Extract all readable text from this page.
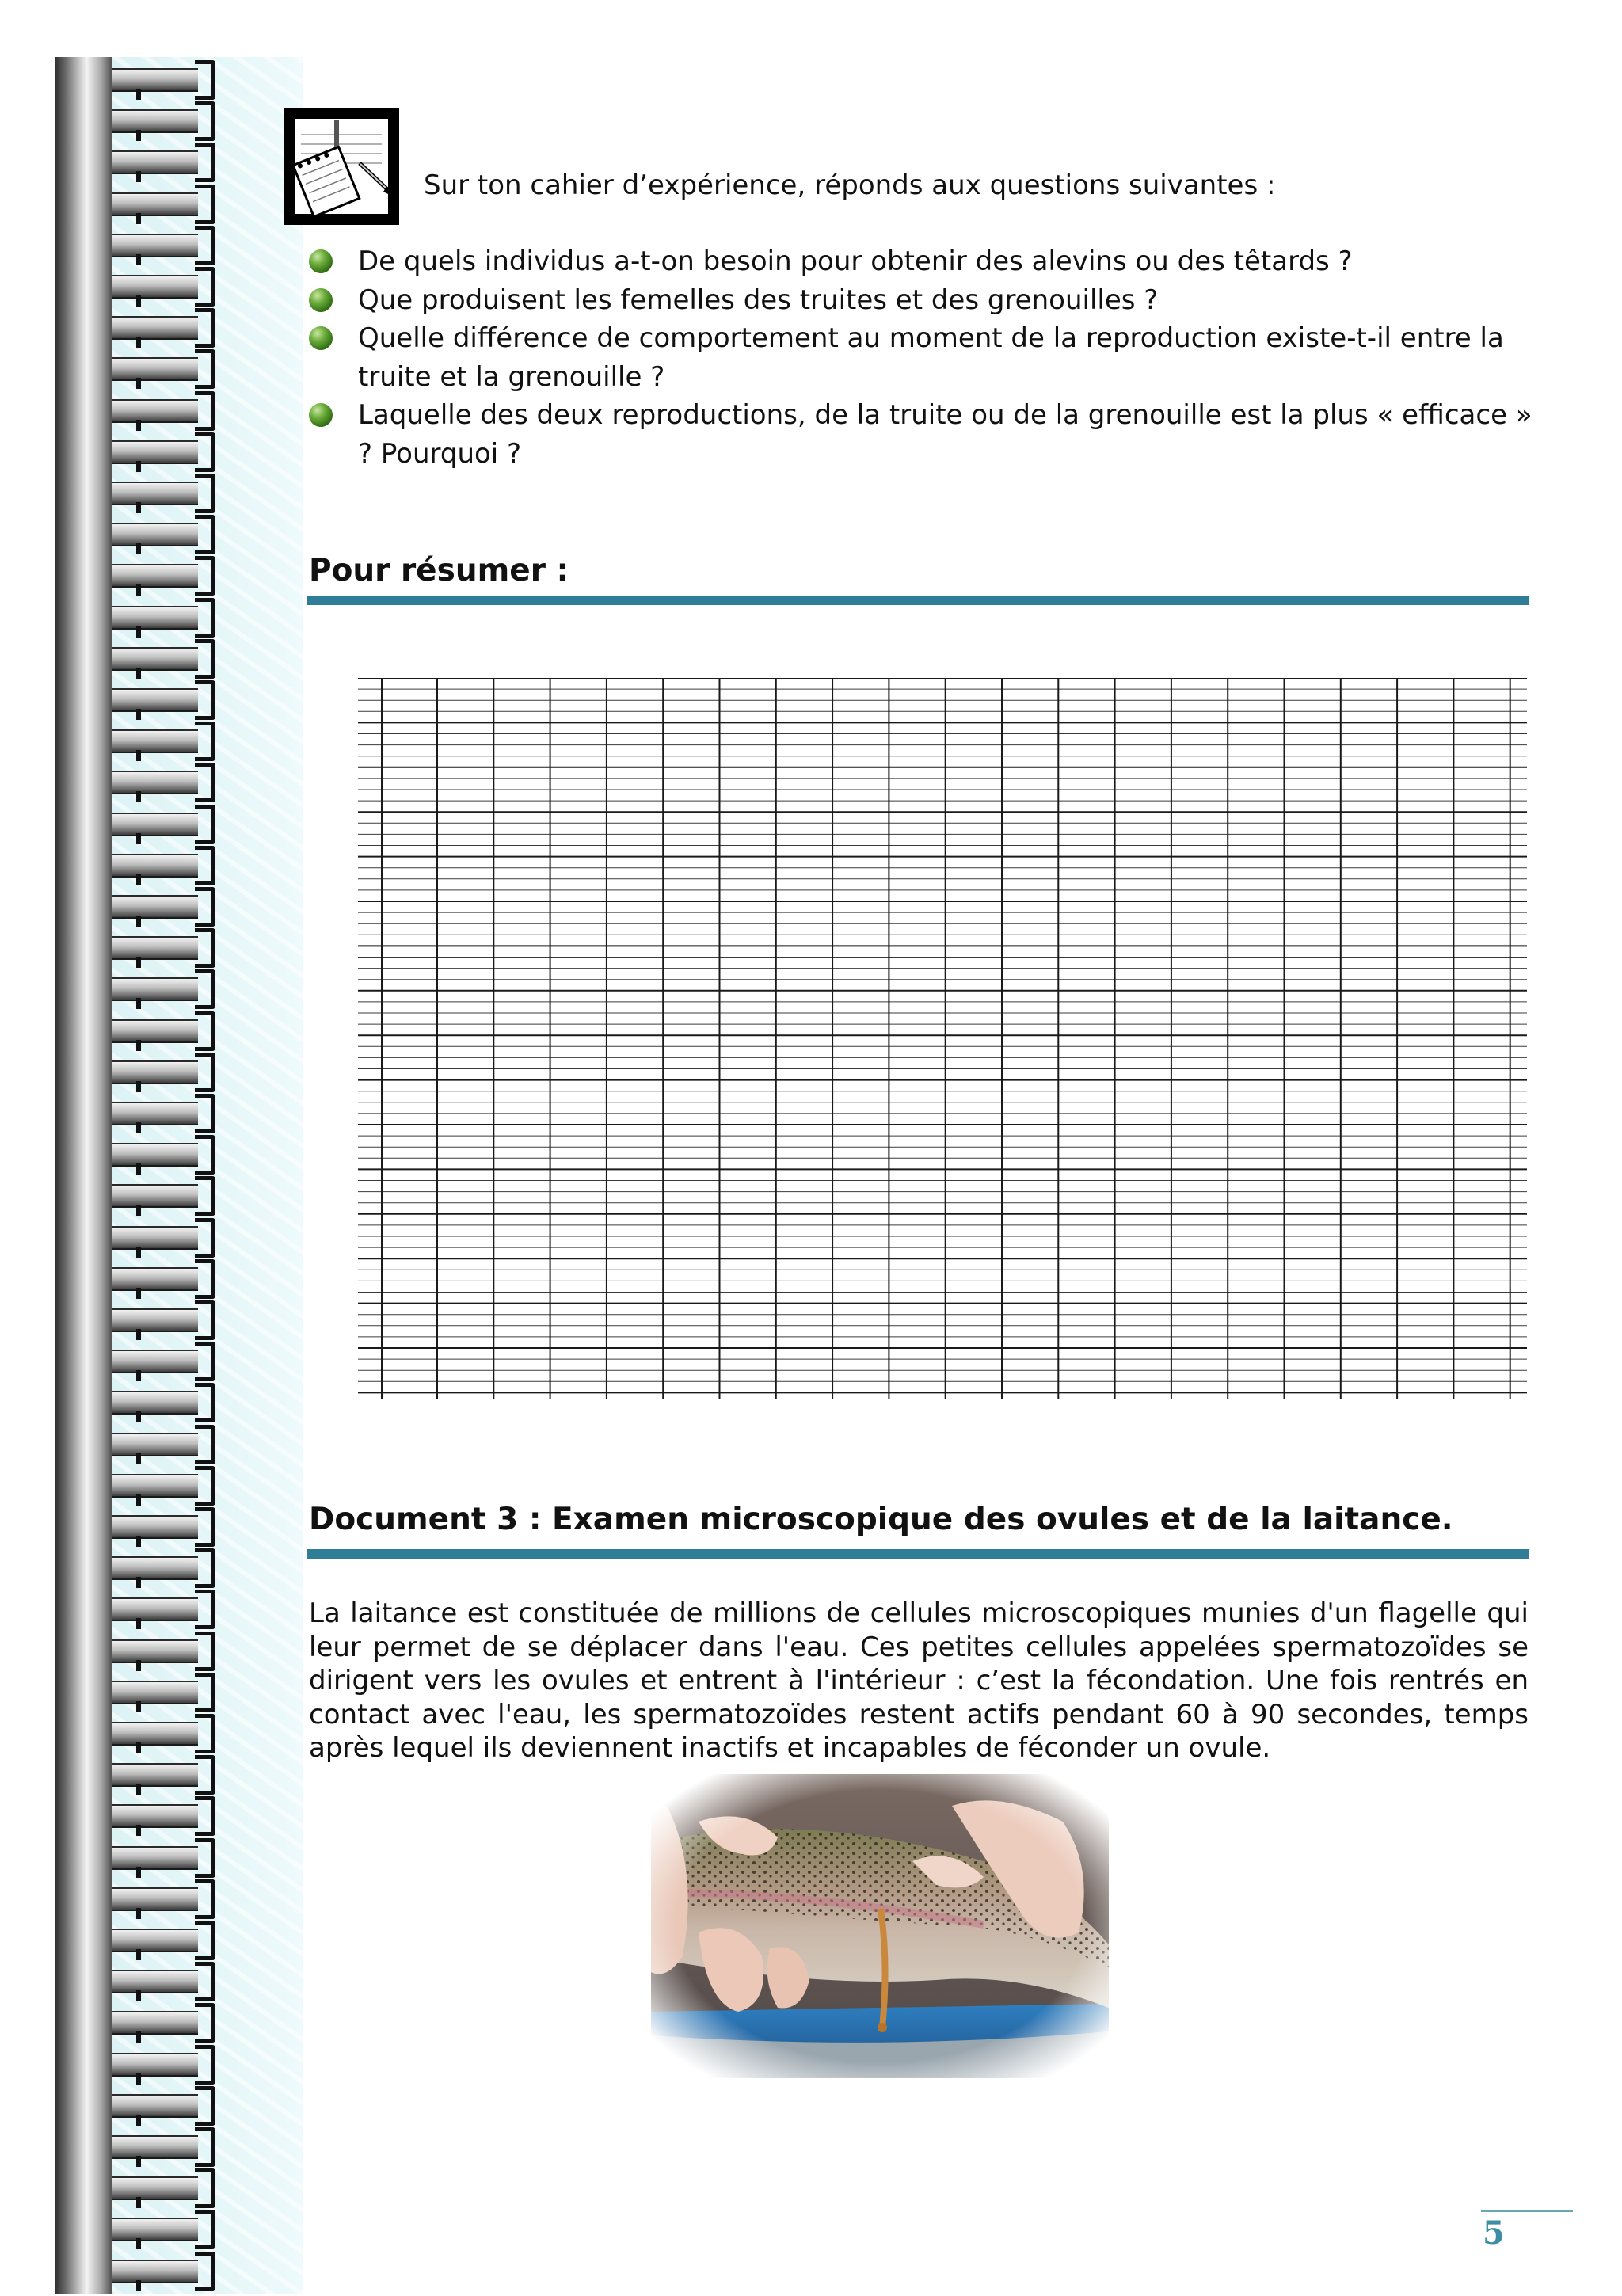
Sur ton cahier d’expérience, réponds aux questions suivantes :
De quels individus a-t-on besoin pour obtenir des alevins ou des têtards ?
Que produisent les femelles des truites et des grenouilles ?
Quelle différence de comportement au moment de la reproduction existe-t-il entre la truite et la grenouille ?
Laquelle des deux reproductions, de la truite ou de la grenouille est la plus « efficace » ? Pourquoi ?
Pour résumer :
Document 3 : Examen microscopique des ovules et de la laitance.

La laitance est constituée de millions de cellules microscopiques munies d'un flagelle qui leur permet de se déplacer dans l'eau. Ces petites cellules appelées spermatozoïdes se dirigent vers les ovules et entrent à l'intérieur : c’est la fécondation. Une fois rentrés en contact avec l'eau, les spermatozoïdes restent actifs pendant 60 à 90 secondes, temps après lequel ils deviennent inactifs et incapables de féconder un ovule.

5
